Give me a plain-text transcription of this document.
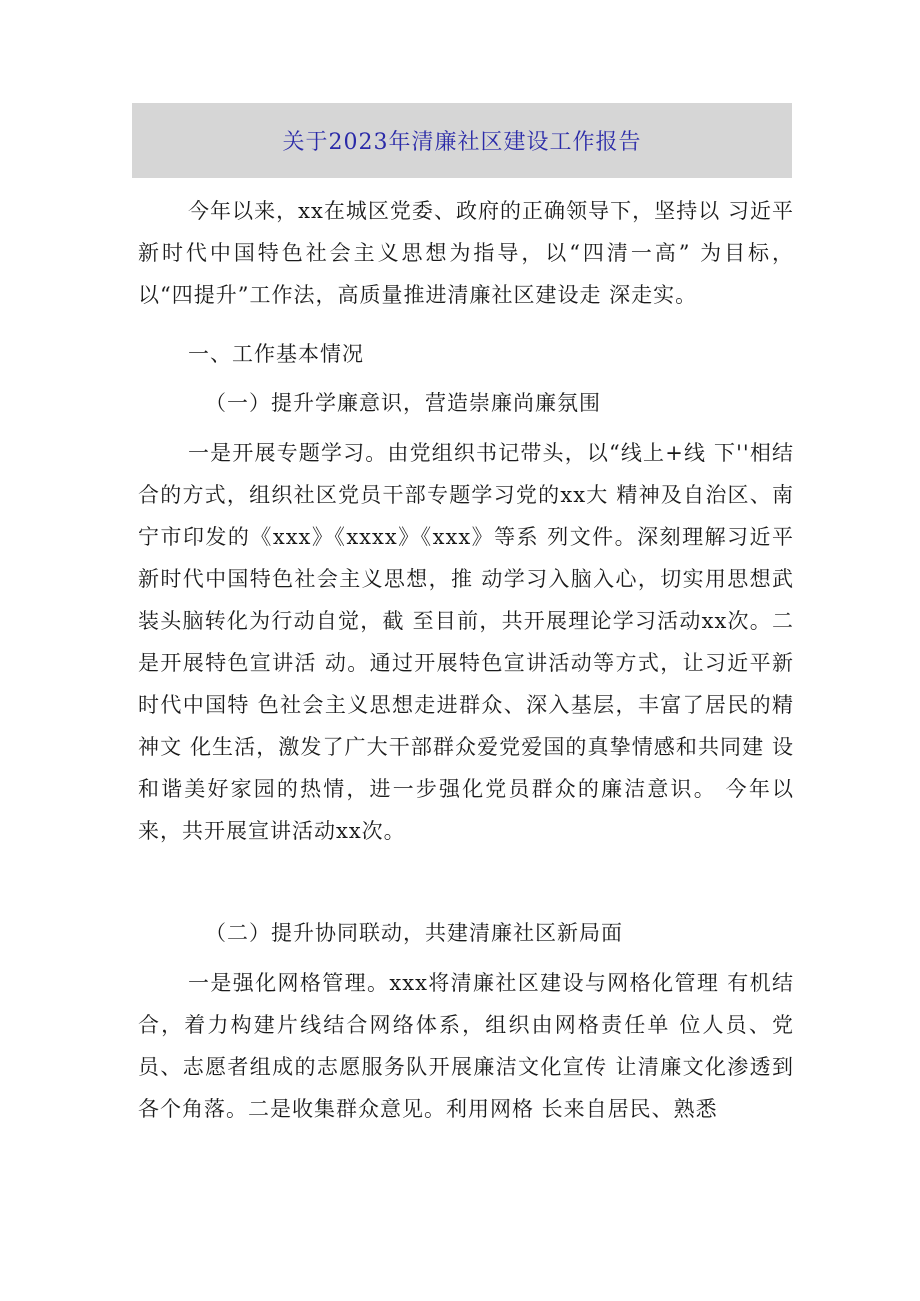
关于2023年清廉社区建设工作报告

今年以来，xx在城区党委、政府的正确领导下，坚持以 习近平新时代中国特色社会主义思想为指导，以“四清一高” 为目标，以“四提升”工作法，高质量推进清廉社区建设走 深走实。

一、工作基本情况

（一）提升学廉意识，营造崇廉尚廉氛围

一是开展专题学习。由党组织书记带头，以“线上+线 下''相结合的方式，组织社区党员干部专题学习党的xx大 精神及自治区、南宁市印发的《xxx》《xxxx》《xxx》等系 列文件。深刻理解习近平新时代中国特色社会主义思想，推 动学习入脑入心，切实用思想武装头脑转化为行动自觉，截 至目前，共开展理论学习活动xx次。二是开展特色宣讲活 动。通过开展特色宣讲活动等方式，让习近平新时代中国特 色社会主义思想走进群众、深入基层，丰富了居民的精神文 化生活，激发了广大干部群众爱党爱国的真挚情感和共同建 设和谐美好家园的热情，进一步强化党员群众的廉洁意识。 今年以来，共开展宣讲活动xx次。

（二）提升协同联动，共建清廉社区新局面

一是强化网格管理。xxx将清廉社区建设与网格化管理 有机结合，着力构建片线结合网络体系，组织由网格责任单 位人员、党员、志愿者组成的志愿服务队开展廉洁文化宣传 让清廉文化渗透到各个角落。二是收集群众意见。利用网格 长来自居民、熟悉
